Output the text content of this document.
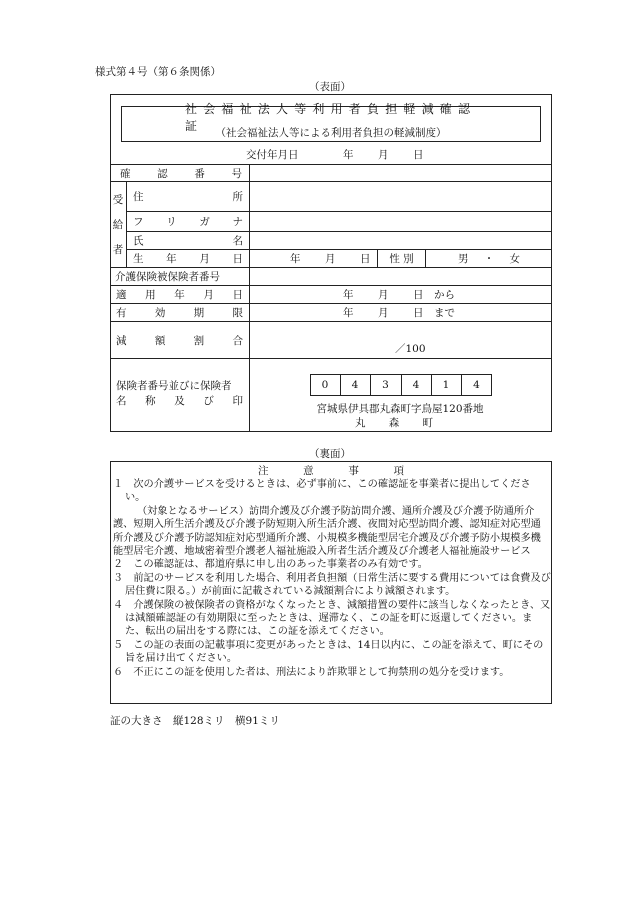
様式第４号（第６条関係）
（表面）
社会福祉法人等利用者負担軽減確認証	（社会福祉法人等による利用者負担の軽減制度）
交付年月日	年 月 日
確	認	番	号
受
給
者
住	所
フ リ ガ ナ
氏	名
生 年 月 日	年 月 日	性 別	男 ・ 女
介護保険被保険者番号
適 用 年 月 日	年 月 日 から
有	効	期	限	年 月 日 まで
減	額	割	合
／100
保険者番号並びに保険者
名 称 及 び 印
0	4	3	4	1	4
宮城県伊具郡丸森町字鳥屋120番地
丸 森 町
（裏面）
注	意	事	項

１　次の介護サービスを受けるときは、必ず事前に、この確認証を事業者に提出してください。

（対象となるサービス）訪問介護及び介護予防訪問介護、通所介護及び介護予防通所介護、短期入所生活介護及び介護予防短期入所生活介護、夜間対応型訪問介護、認知症対応型通所介護及び介護予防認知症対応型通所介護、小規模多機能型居宅介護及び介護予防小規模多機能型居宅介護、地域密着型介護老人福祉施設入所者生活介護及び介護老人福祉施設サービス

２　この確認証は、都道府県に申し出のあった事業者のみ有効です。

３　前記のサービスを利用した場合、利用者負担額（日常生活に要する費用については食費及び居住費に限る。）が前面に記載されている減額割合により減額されます。

４　介護保険の被保険者の資格がなくなったとき、減額措置の要件に該当しなくなったとき、又は減額確認証の有効期限に至ったときは、遅滞なく、この証を町に返還してください。また、転出の届出をする際には、この証を添えてください。

５　この証の表面の記載事項に変更があったときは、14日以内に、この証を添えて、町にその旨を届け出てください。

６　不正にこの証を使用した者は、刑法により詐欺罪として拘禁刑の処分を受けます。

証の大きさ　縦128ミリ　横91ミリ
